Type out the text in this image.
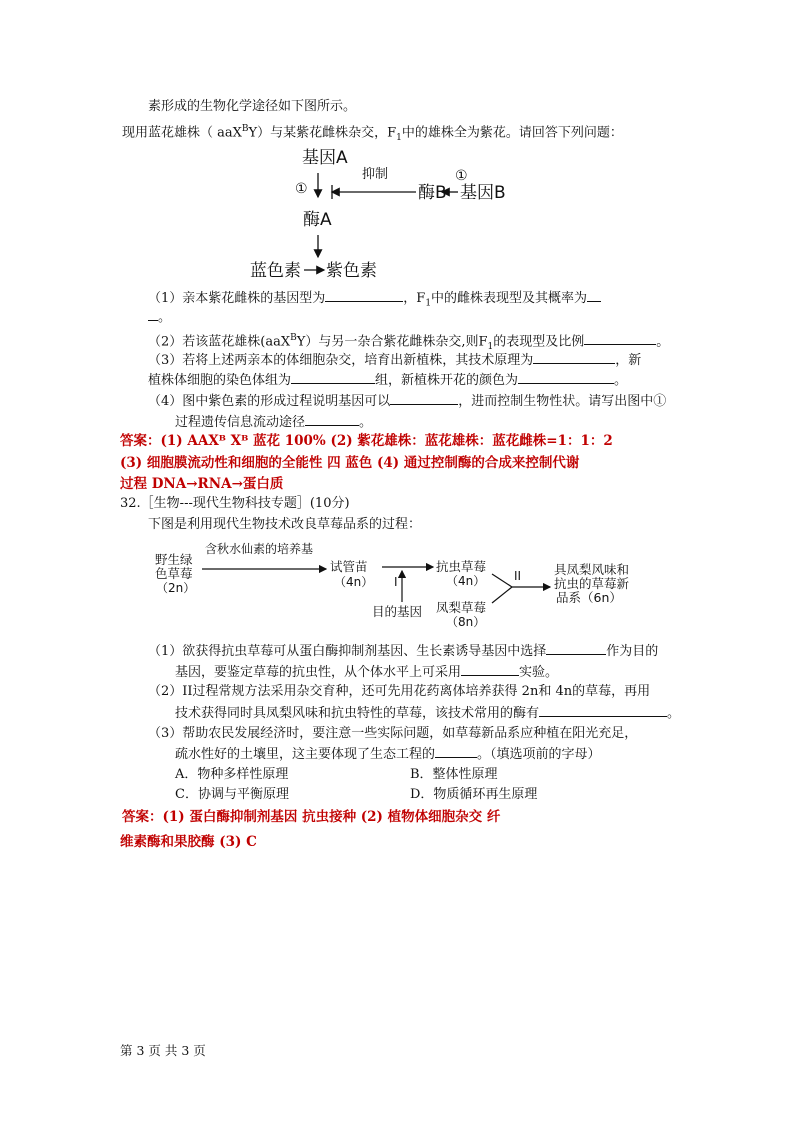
素形成的生物化学途径如下图所示。
现用蓝花雄株（ aaX$^B$Y）与某紫花雌株杂交，$F_1$中的雄株全为紫花。请回答下列问题：
基因A
①
抑制	①
酶B 基因B
酶A
蓝色素 紫色素
（1）亲本紫花雌株的基因型为	，$F_1$中的雌株表现型及其概率为
。
（2）若该蓝花雄株(aaX$^B$Y）与另一杂合紫花雌株杂交,则$F_1$的表现型及比例	。
（3）若将上述两亲本的体细胞杂交，培育出新植株，其技术原理为	，新
植株体细胞的染色体组为	组，新植株开花的颜色为	。
（4）图中紫色素的形成过程说明基因可以	，进而控制生物性状。请写出图中①
过程遗传信息流动途径	。
答案：(1) AAXᴮ Xᴮ 蓝花 100% (2) 紫花雄株：蓝花雄株：蓝花雌株=1：1：2
(3) 细胞膜流动性和细胞的全能性 四 蓝色 (4) 通过控制酶的合成来控制代谢
过程 DNA→RNA→蛋白质
32.［生物---现代生物科技专题］(10分)
下图是利用现代生物技术改良草莓品系的过程：
野生绿
色草莓
（2n）
含秋水仙素的培养基
试管苗
（4n） I
目的基因
抗虫草莓
（4n）
凤梨草莓
（8n）
II	具凤梨风味和
抗虫的草莓新
品系（6n）
（1）欲获得抗虫草莓可从蛋白酶抑制剂基因、生长素诱导基因中选择	作为目的
基因，要鉴定草莓的抗虫性，从个体水平上可采用	实验。
（2）II过程常规方法采用杂交育种，还可先用花药离体培养获得 2n和 4n的草莓，再用
技术获得同时具凤梨风味和抗虫特性的草莓，该技术常用的酶有	。
（3）帮助农民发展经济时，要注意一些实际问题，如草莓新品系应种植在阳光充足，
疏水性好的土壤里，这主要体现了生态工程的	。（填选项前的字母）
A．物种多样性原理	B．整体性原理
C．协调与平衡原理	D．物质循环再生原理
答案：(1) 蛋白酶抑制剂基因 抗虫接种 (2) 植物体细胞杂交 纤
维素酶和果胶酶 (3) C
第 3 页 共 3 页
